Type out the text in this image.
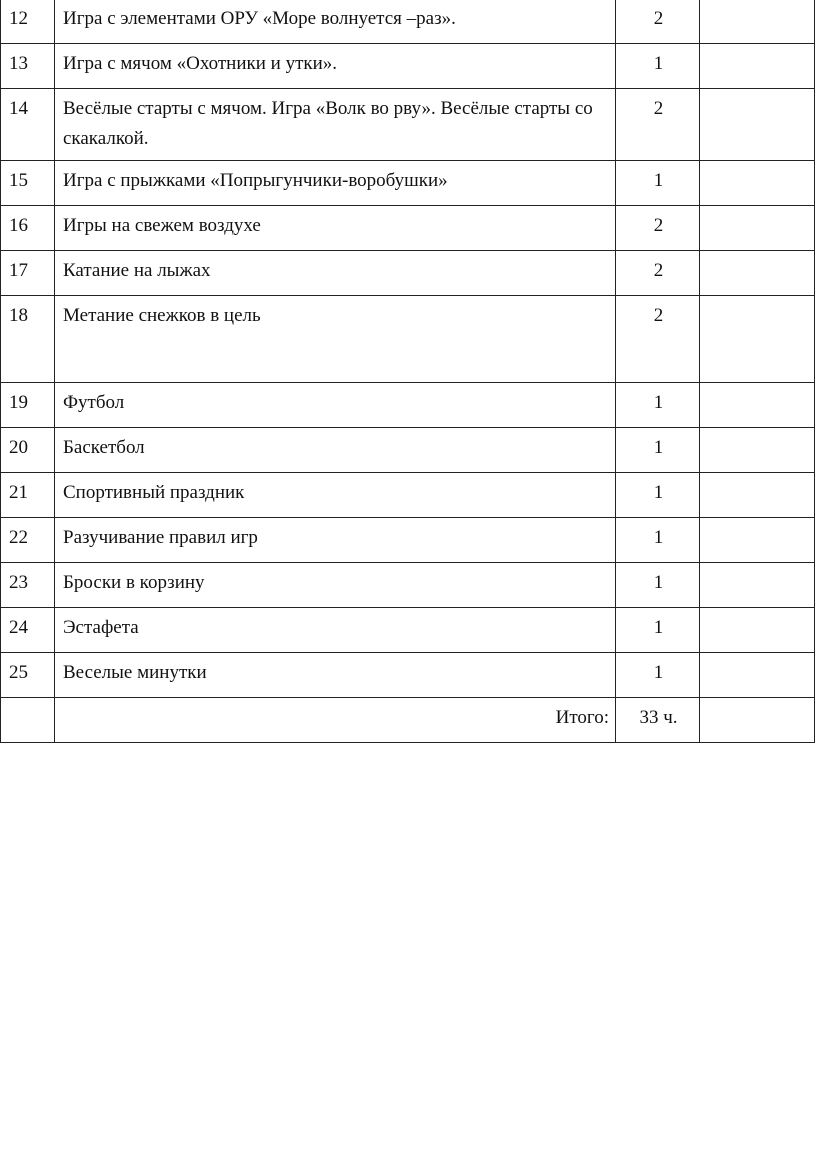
12	Игра с элементами ОРУ «Море волнуется –раз».	2	
13	Игра с мячом «Охотники и утки».	1	
14	Весёлые старты с мячом. Игра «Волк во рву». Весёлые старты со скакалкой.	2	
15	Игра с прыжками «Попрыгунчики-воробушки»	1	
16	Игры на свежем воздухе	2	
17	Катание на лыжах	2	
18	Метание снежков в цель	2	
19	Футбол	1	
20	Баскетбол	1	
21	Спортивный праздник	1	
22	Разучивание правил игр	1	
23	Броски в корзину	1	
24	Эстафета	1	
25	Веселые минутки	1	
	Итого:	33 ч.	
